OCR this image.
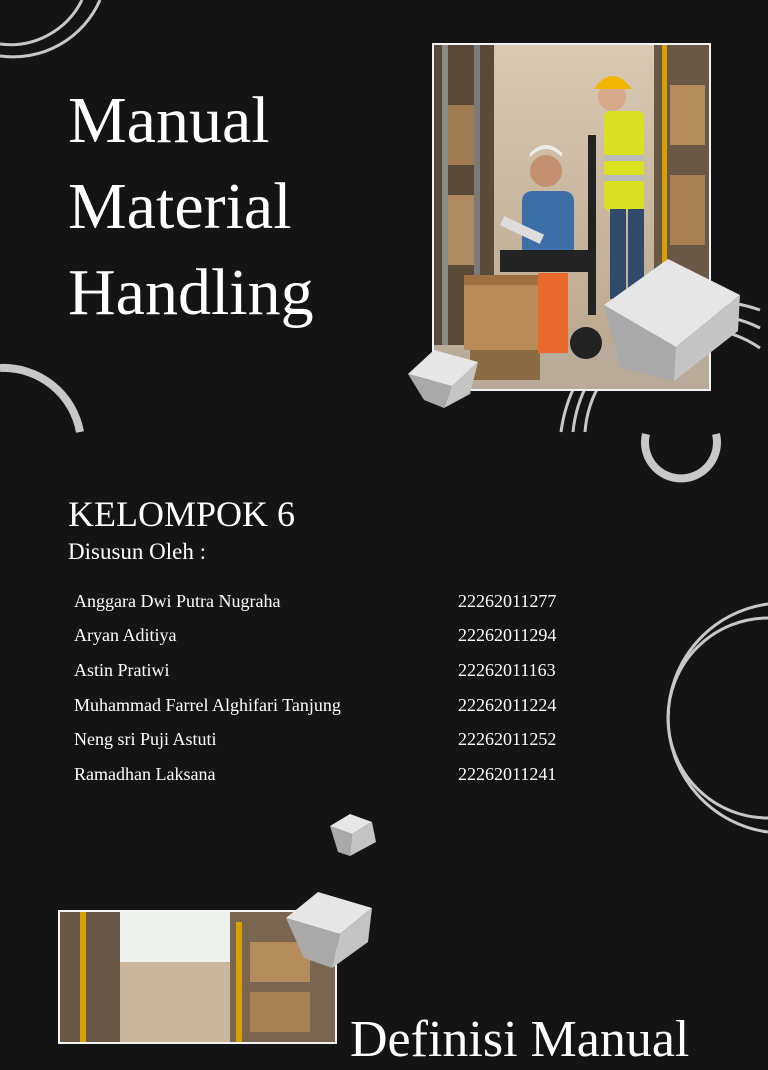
Manual
Material
Handling
KELOMPOK 6
Disusun Oleh :
Anggara Dwi Putra Nugraha	22262011277
Aryan Aditiya	22262011294
Astin Pratiwi	22262011163
Muhammad Farrel Alghifari Tanjung	22262011224
Neng sri Puji Astuti	22262011252
Ramadhan Laksana	22262011241
Definisi Manual
